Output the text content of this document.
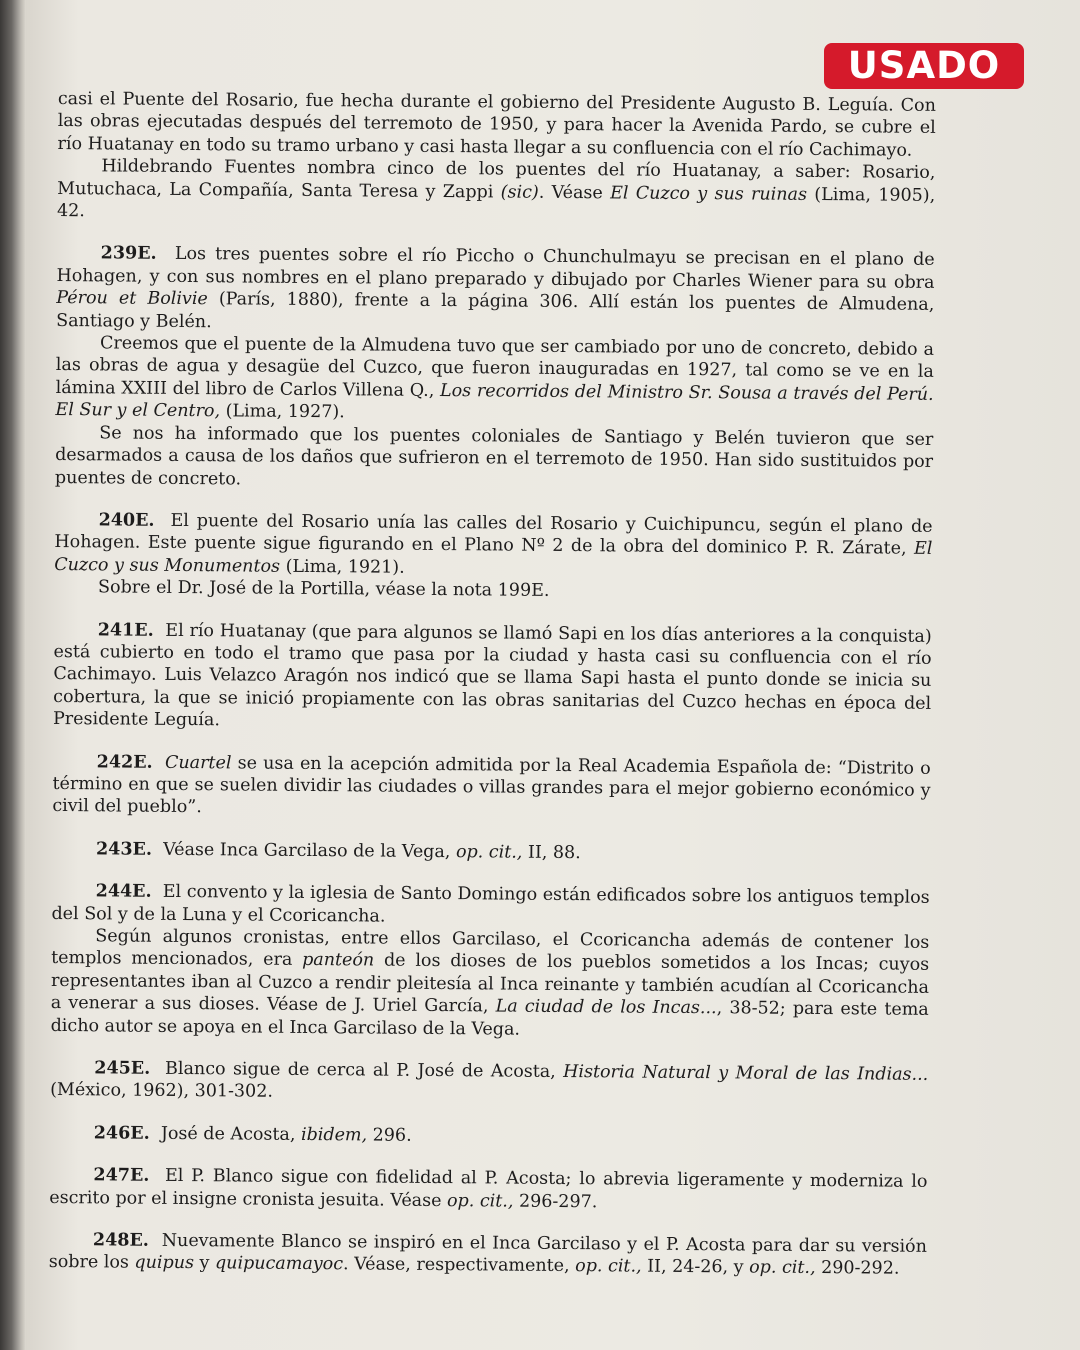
USADO

casi el Puente del Rosario, fue hecha durante el gobierno del Presidente Augusto B. Leguía. Con las obras ejecutadas después del terremoto de 1950, y para hacer la Avenida Pardo, se cubre el río Huatanay en todo su tramo urbano y casi hasta llegar a su confluencia con el río Cachimayo.

Hildebrando Fuentes nombra cinco de los puentes del río Huatanay, a saber: Rosario, Mutuchaca, La Compañía, Santa Teresa y Zappi (sic). Véase El Cuzco y sus ruinas (Lima, 1905), 42.

239E. Los tres puentes sobre el río Piccho o Chunchulmayu se precisan en el plano de Hohagen, y con sus nombres en el plano preparado y dibujado por Charles Wiener para su obra Pérou et Bolivie (París, 1880), frente a la página 306. Allí están los puentes de Almudena, Santiago y Belén.

Creemos que el puente de la Almudena tuvo que ser cambiado por uno de concreto, debido a las obras de agua y desagüe del Cuzco, que fueron inauguradas en 1927, tal como se ve en la lámina XXIII del libro de Carlos Villena Q., Los recorridos del Ministro Sr. Sousa a través del Perú. El Sur y el Centro, (Lima, 1927).

Se nos ha informado que los puentes coloniales de Santiago y Belén tuvieron que ser desarmados a causa de los daños que sufrieron en el terremoto de 1950. Han sido sustituidos por puentes de concreto.

240E. El puente del Rosario unía las calles del Rosario y Cuichipuncu, según el plano de Hohagen. Este puente sigue figurando en el Plano Nº 2 de la obra del dominico P. R. Zárate, El Cuzco y sus Monumentos (Lima, 1921).

Sobre el Dr. José de la Portilla, véase la nota 199E.

241E. El río Huatanay (que para algunos se llamó Sapi en los días anteriores a la conquista) está cubierto en todo el tramo que pasa por la ciudad y hasta casi su confluencia con el río Cachimayo. Luis Velazco Aragón nos indicó que se llama Sapi hasta el punto donde se inicia su cobertura, la que se inició propiamente con las obras sanitarias del Cuzco hechas en época del Presidente Leguía.

242E. Cuartel se usa en la acepción admitida por la Real Academia Española de: “Distrito o término en que se suelen dividir las ciudades o villas grandes para el mejor gobierno económico y civil del pueblo”.

243E. Véase Inca Garcilaso de la Vega, op. cit., II, 88.

244E. El convento y la iglesia de Santo Domingo están edificados sobre los antiguos templos del Sol y de la Luna y el Ccoricancha.

Según algunos cronistas, entre ellos Garcilaso, el Ccoricancha además de contener los templos mencionados, era panteón de los dioses de los pueblos sometidos a los Incas; cuyos representantes iban al Cuzco a rendir pleitesía al Inca reinante y también acudían al Ccoricancha a venerar a sus dioses. Véase de J. Uriel García, La ciudad de los Incas..., 38-52; para este tema dicho autor se apoya en el Inca Garcilaso de la Vega.

245E. Blanco sigue de cerca al P. José de Acosta, Historia Natural y Moral de las Indias... (México, 1962), 301-302.

246E. José de Acosta, ibidem, 296.

247E. El P. Blanco sigue con fidelidad al P. Acosta; lo abrevia ligeramente y moderniza lo escrito por el insigne cronista jesuita. Véase op. cit., 296-297.

248E. Nuevamente Blanco se inspiró en el Inca Garcilaso y el P. Acosta para dar su versión sobre los quipus y quipucamayoc. Véase, respectivamente, op. cit., II, 24-26, y op. cit., 290-292.
